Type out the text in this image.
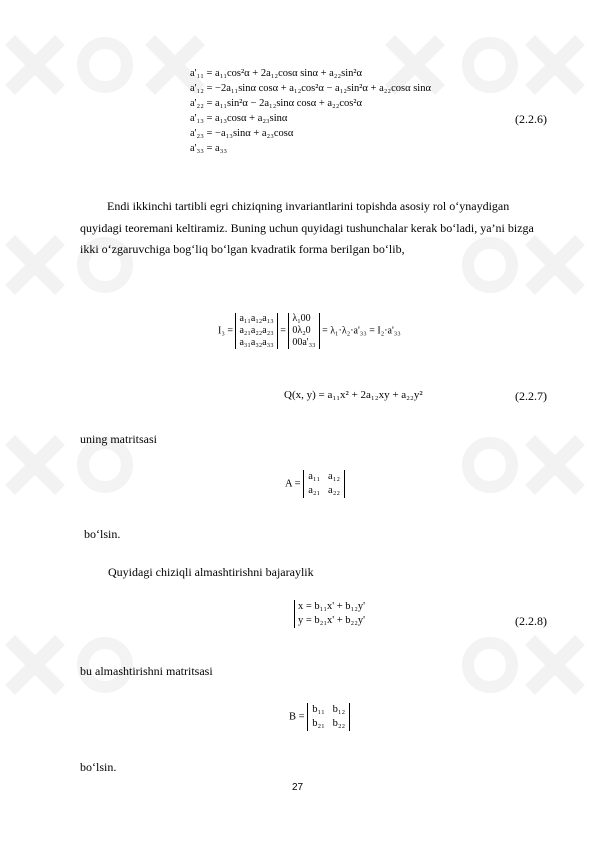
a'₁₁ = a₁₁cos²α + 2a₁₂cosα sinα + a₂₂sin²α
a'₁₂ = −2a₁₁sinα cosα + a₁₂cos²α − a₁₂sin²α + a₂₂cosα sinα
a'₂₂ = a₁₁sin²α − 2a₁₂sinα cosα + a₂₂cos²α
a'₁₃ = a₁₃cosα + a₂₃sinα
a'₂₃ = −a₁₃sinα + a₂₃cosα
a'₃₃ = a₃₃
(2.2.6)
Endi ikkinchi tartibli egri chiziqning invariantlarini topishda asosiy rol o‘ynaydigan quyidagi teoremani keltiramiz. Buning uchun quyidagi tushunchalar kerak bo‘ladi, ya’ni bizga ikki o‘zgaruvchiga bog‘liq bo‘lgan kvadratik forma berilgan bo‘lib,
I₃ =
a₁₁a₁₂a₁₃
a₂₁a₂₂a₂₃
a₃₁a₃₂a₃₃
=
λ₁00
0λ₂0
00a'₃₃
= λ₁·λ₂·a'₃₃ = I₂·a'₃₃
Q(x, y) = a₁₁x² + 2a₁₂xy + a₂₂y²	(2.2.7)
uning matritsasi
A =
a₁₁   a₁₂
a₂₁   a₂₂
bo‘lsin.
Quyidagi chiziqli almashtirishni bajaraylik
x = b₁₁x' + b₁₂y'
y = b₂₁x' + b₂₂y'	(2.2.8)
bu almashtirishni matritsasi
B =
b₁₁   b₁₂
b₂₁   b₂₂
bo‘lsin.
27
